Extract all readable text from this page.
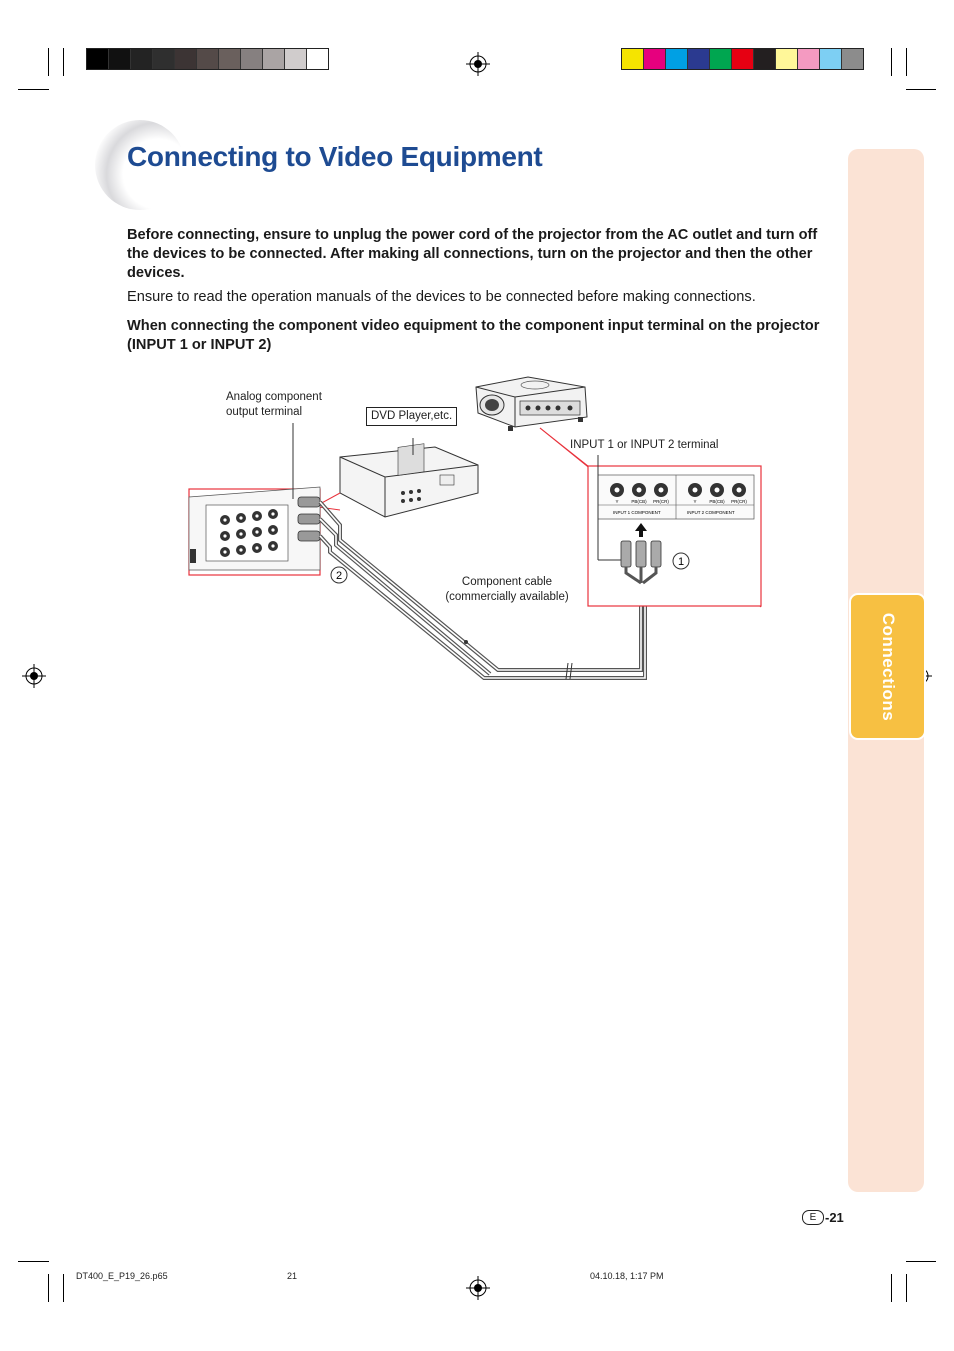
Connections
Connecting to Video Equipment

Before connecting, ensure to unplug the power cord of the projector from the AC outlet and turn off the devices to be connected. After making all connections, turn on the projector and then the other devices.

Ensure to read the operation manuals of the devices to be connected before making connections.

When connecting the component video equipment to the component input terminal on the projector (INPUT 1 or INPUT 2)

Y	PB(CB) PR(CR)	Y	PB(CB) PR(CR)
INPUT 1 COMPONENT	INPUT 2 COMPONENT
1
2
Analog component output terminal	DVD Player,etc.
INPUT 1 or INPUT 2 terminal
Component cable
(commercially available)
E -21
DT400_E_P19_26.p65	21	04.10.18, 1:17 PM
